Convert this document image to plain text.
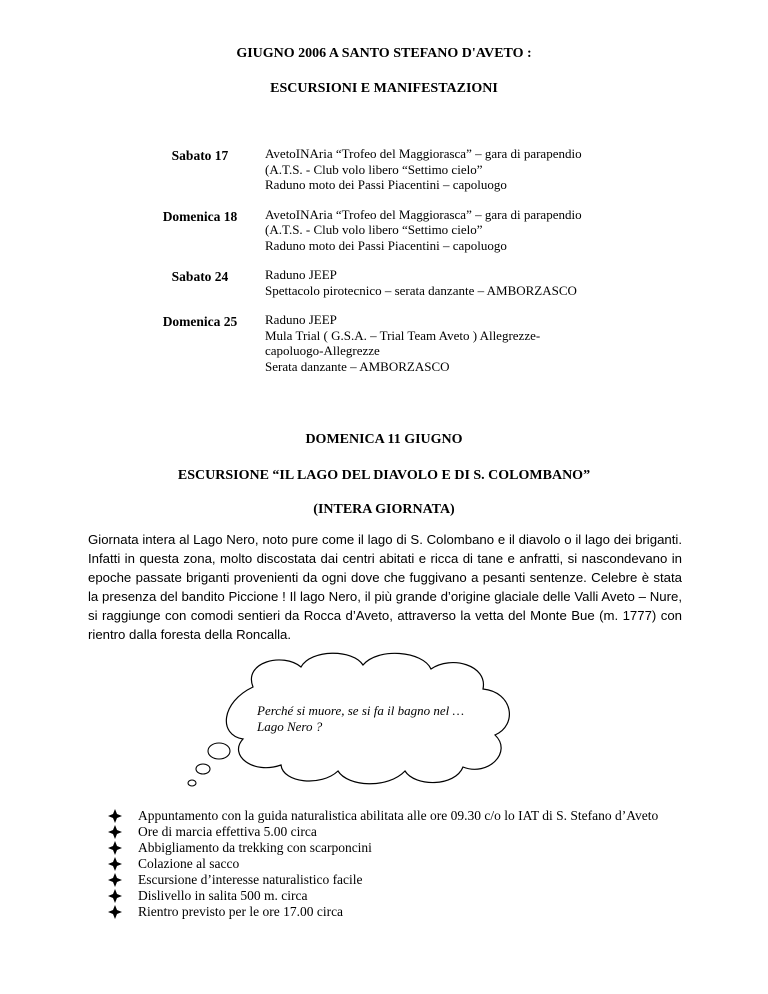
GIUGNO 2006 A SANTO STEFANO D'AVETO :
ESCURSIONI E MANIFESTAZIONI
Sabato 17	AvetoINAria “Trofeo del Maggiorasca” – gara di parapendio
(A.T.S. - Club volo libero “Settimo cielo”
Raduno moto dei Passi Piacentini – capoluogo
Domenica 18	AvetoINAria “Trofeo del Maggiorasca” – gara di parapendio
(A.T.S. - Club volo libero “Settimo cielo”
Raduno moto dei Passi Piacentini – capoluogo
Sabato 24	Raduno JEEP
Spettacolo pirotecnico – serata danzante – AMBORZASCO
Domenica 25	Raduno JEEP
Mula Trial ( G.S.A. – Trial Team Aveto ) Allegrezze-capoluogo-Allegrezze
Serata danzante – AMBORZASCO
DOMENICA 11 GIUGNO
ESCURSIONE “IL LAGO DEL DIAVOLO E DI S. COLOMBANO”
(INTERA GIORNATA)
Giornata intera al Lago Nero, noto pure come il lago di S. Colombano e il diavolo o il lago dei briganti. Infatti in questa zona, molto discostata dai centri abitati e ricca di tane e anfratti, si nascondevano in epoche passate briganti provenienti da ogni dove che fuggivano a pesanti sentenze. Celebre è stata la presenza del bandito Piccione ! Il lago Nero, il più grande d’origine glaciale delle Valli Aveto – Nure, si raggiunge con comodi sentieri da Rocca d’Aveto, attraverso la vetta del Monte Bue (m. 1777) con rientro dalla foresta della Roncalla.
Perché si muore, se si fa il bagno nel … Lago Nero ?
Appuntamento con la guida naturalistica abilitata alle ore 09.30 c/o lo IAT di S. Stefano d’Aveto
Ore di marcia effettiva 5.00 circa
Abbigliamento da trekking con scarponcini
Colazione al sacco
Escursione d’interesse naturalistico facile
Dislivello in salita 500 m. circa
Rientro previsto per le ore 17.00 circa
